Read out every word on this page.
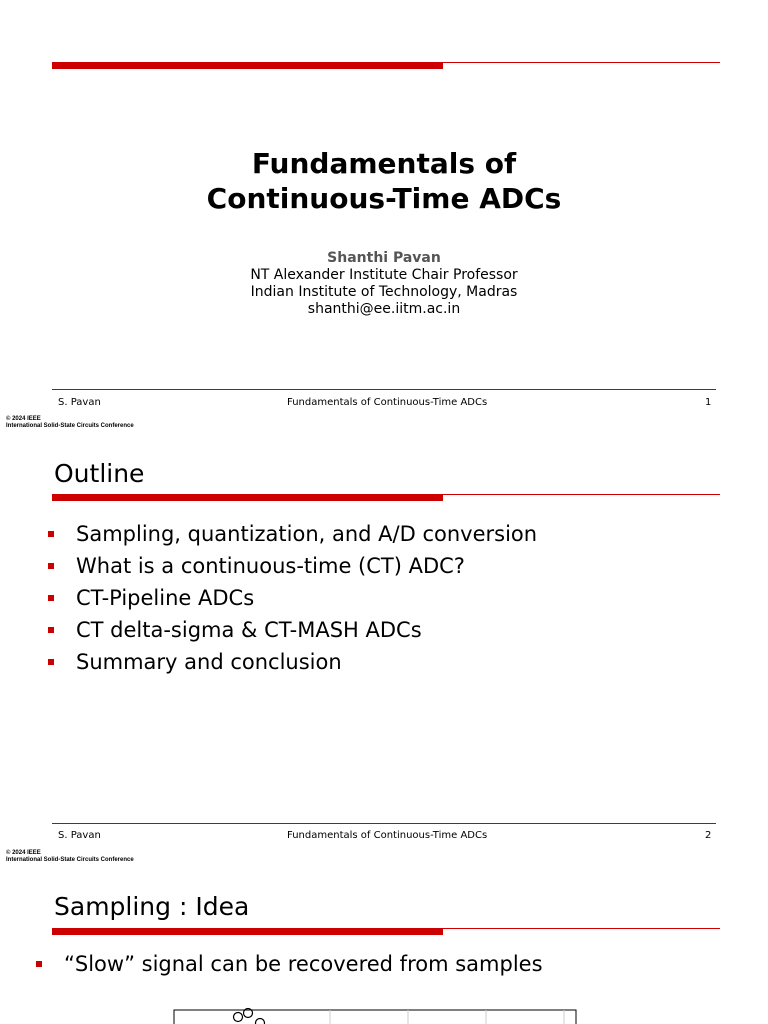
Fundamentals of
Continuous-Time ADCs
Shanthi Pavan
NT Alexander Institute Chair Professor
Indian Institute of Technology, Madras
shanthi@ee.iitm.ac.in
S. Pavan	Fundamentals of Continuous-Time ADCs	1
© 2024 IEEE
International Solid-State Circuits Conference
Outline
Sampling, quantization, and A/D conversion
What is a continuous-time (CT) ADC?
CT-Pipeline ADCs
CT delta-sigma & CT-MASH ADCs
Summary and conclusion
S. Pavan	Fundamentals of Continuous-Time ADCs	2
© 2024 IEEE
International Solid-State Circuits Conference
Sampling : Idea
“Slow” signal can be recovered from samples
